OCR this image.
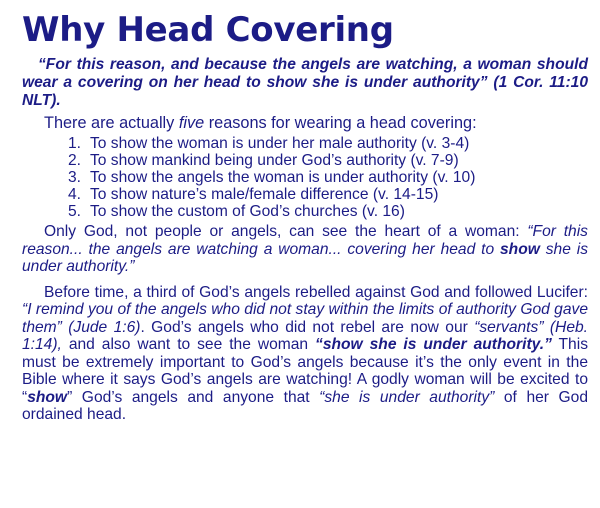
Why Head Covering

“For this reason, and because the angels are watching, a woman should wear a covering on her head to show she is under authority” (1 Cor. 11:10 NLT).

There are actually five reasons for wearing a head covering:

1. To show the woman is under her male authority (v. 3-4)
2. To show mankind being under God’s authority (v. 7-9)
3. To show the angels the woman is under authority (v. 10)
4. To show nature’s male/female difference (v. 14-15)
5. To show the custom of God’s churches (v. 16)

Only God, not people or angels, can see the heart of a woman: “For this reason... the angels are watching a woman... covering her head to show she is under authority.”

Before time, a third of God’s angels rebelled against God and followed Lucifer: “I remind you of the angels who did not stay within the limits of authority God gave them” (Jude 1:6). God’s angels who did not rebel are now our “servants” (Heb. 1:14), and also want to see the woman “show she is under authority.” This must be extremely important to God’s angels because it’s the only event in the Bible where it says God’s angels are watching! A godly woman will be excited to “show” God’s angels and anyone that “she is under authority” of her God ordained head.
